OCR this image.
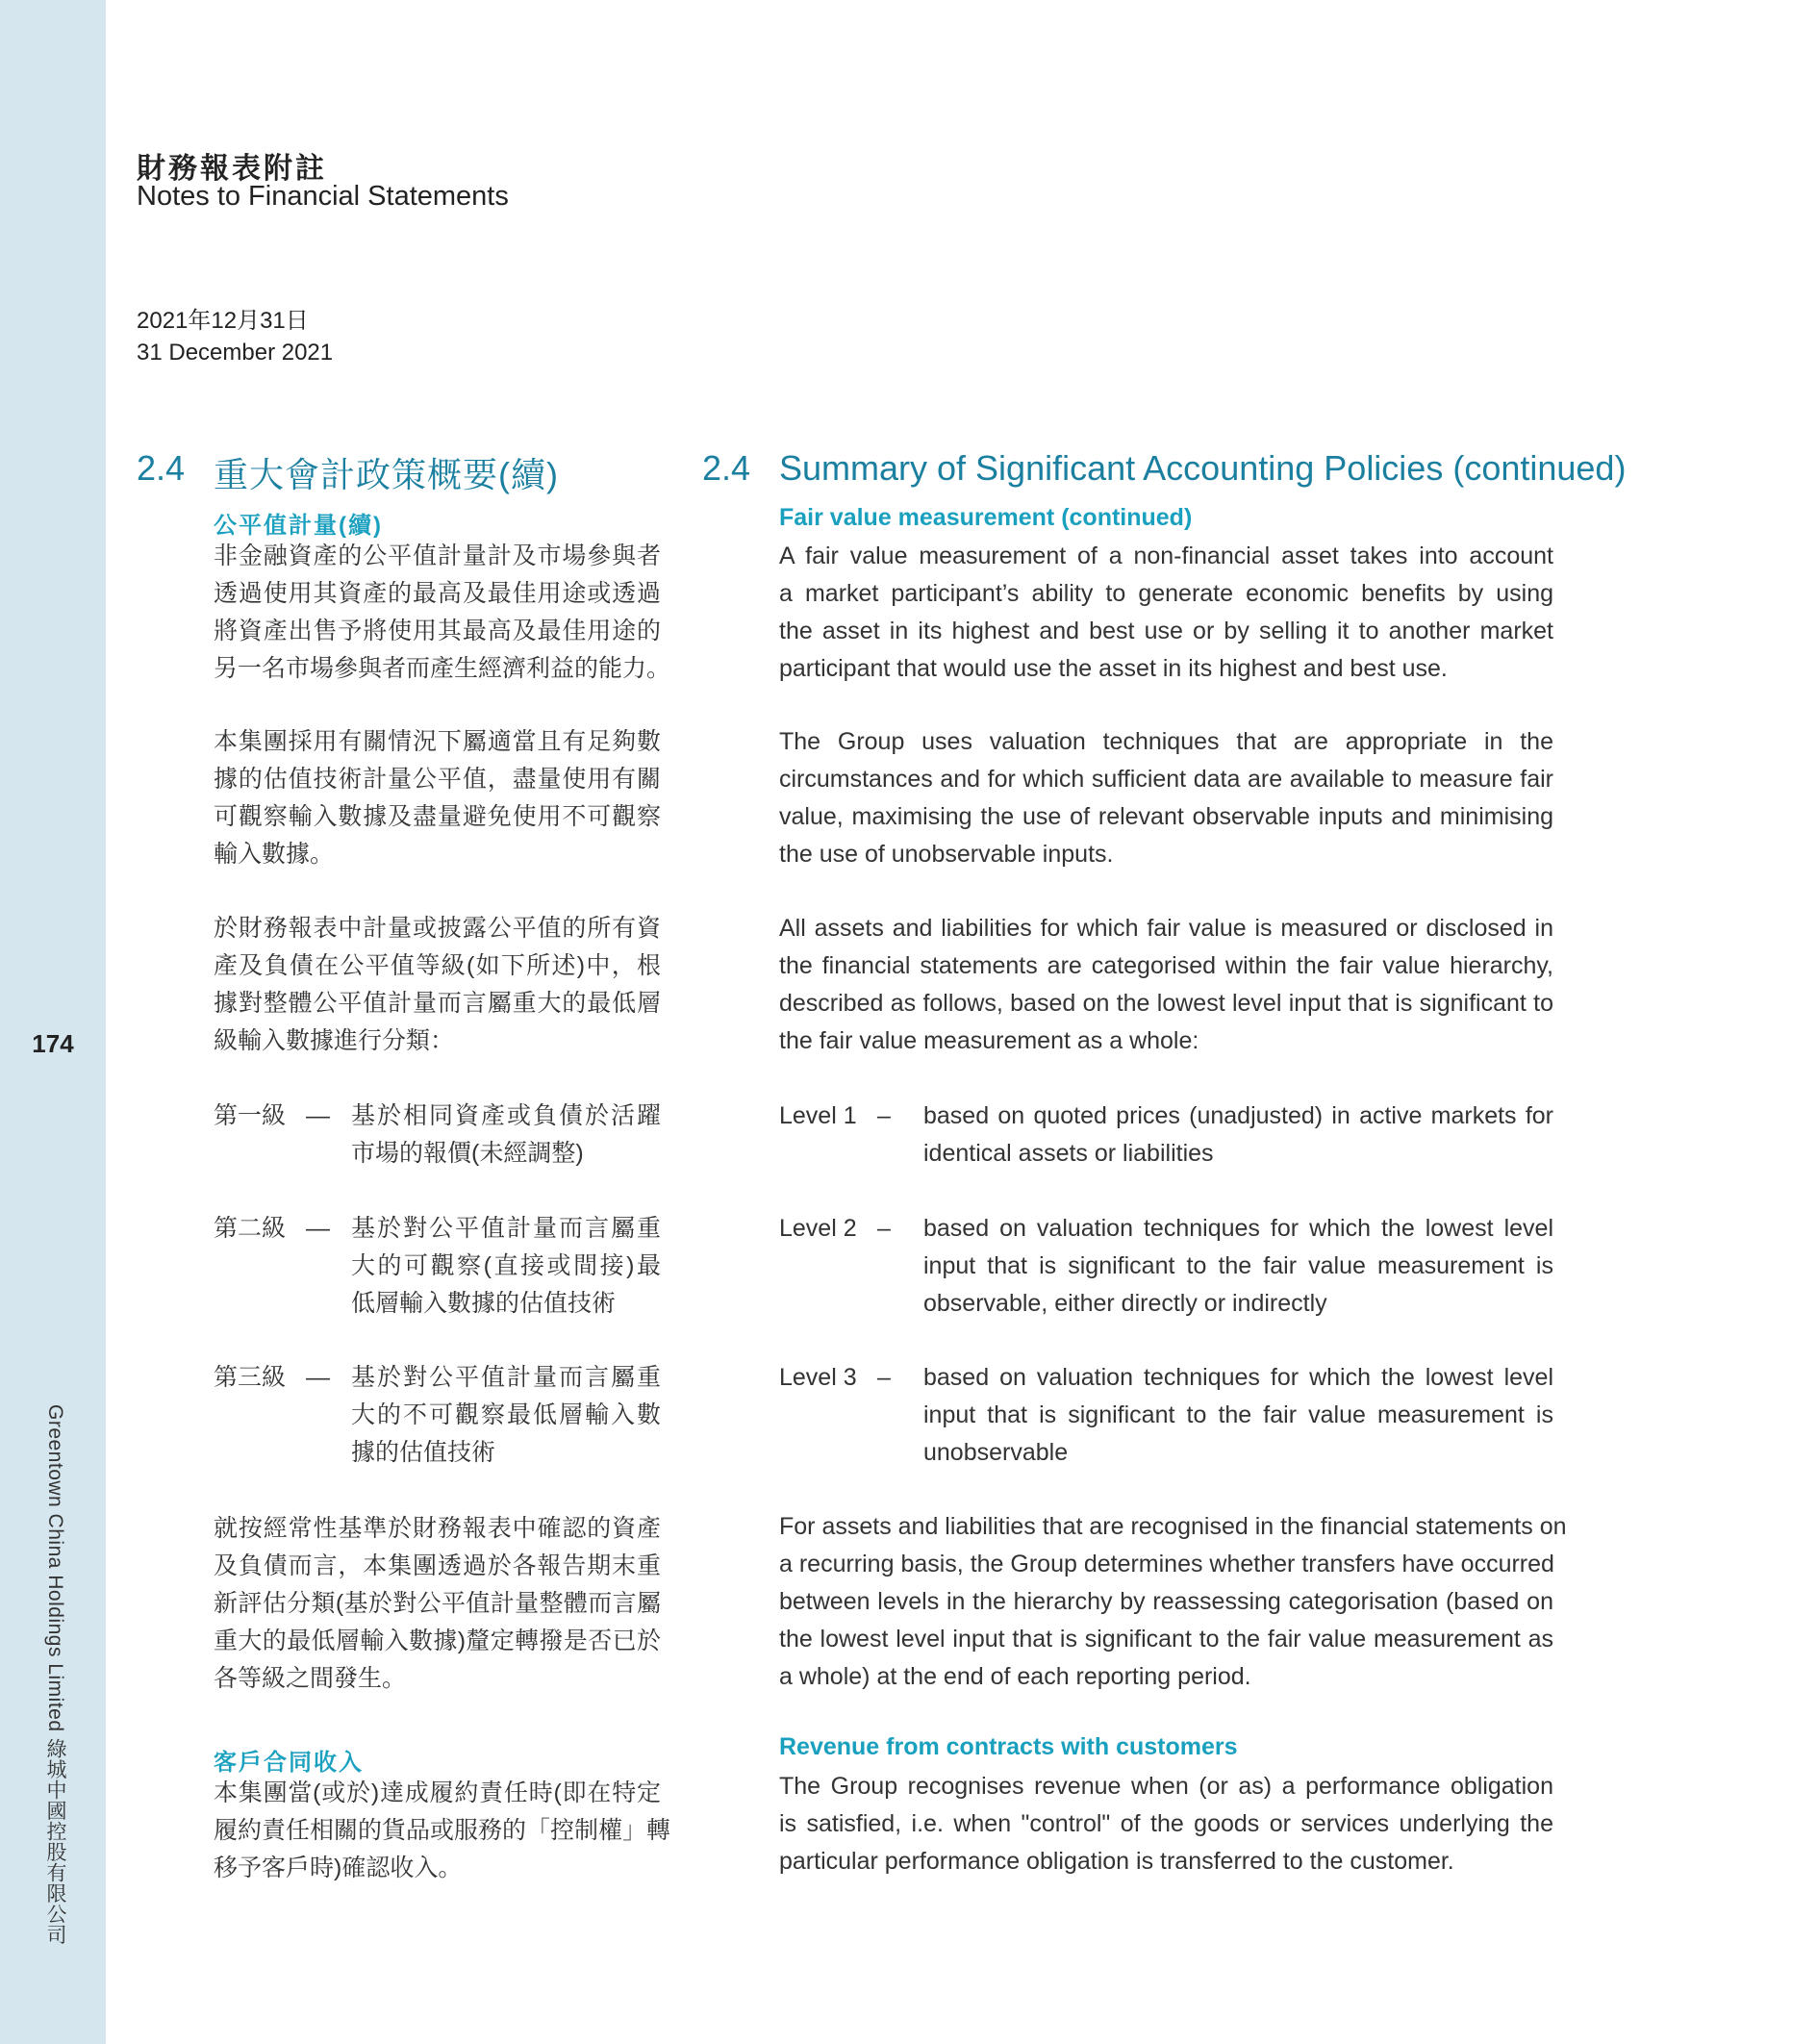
174
Greentown China Holdings Limited 綠城中國控股有限公司
財務報表附註
Notes to Financial Statements
2021年12月31日
31 December 2021
2.4 重大會計政策概要(續)	2.4 Summary of Significant Accounting Policies (continued)
公平值計量(續)
非金融資產的公平值計量計及市場參與者
透過使用其資產的最高及最佳用途或透過
將資產出售予將使用其最高及最佳用途的
另一名市場參與者而產生經濟利益的能力。
本集團採用有關情況下屬適當且有足夠數
據的估值技術計量公平值，盡量使用有關
可觀察輸入數據及盡量避免使用不可觀察
輸入數據。
於財務報表中計量或披露公平值的所有資
產及負債在公平值等級(如下所述)中，根
據對整體公平值計量而言屬重大的最低層
級輸入數據進行分類：
第一級 — 基於相同資產或負債於活躍
市場的報價(未經調整)
第二級 — 基於對公平值計量而言屬重
大的可觀察(直接或間接)最
低層輸入數據的估值技術
第三級 — 基於對公平值計量而言屬重
大的不可觀察最低層輸入數
據的估值技術
就按經常性基準於財務報表中確認的資產
及負債而言，本集團透過於各報告期末重
新評估分類(基於對公平值計量整體而言屬
重大的最低層輸入數據)釐定轉撥是否已於
各等級之間發生。
客戶合同收入
本集團當(或於)達成履約責任時(即在特定
履約責任相關的貨品或服務的「控制權」轉
移予客戶時)確認收入。
Fair value measurement (continued)
A fair value measurement of a non-financial asset takes into account
a market participant’s ability to generate economic benefits by using
the asset in its highest and best use or by selling it to another market
participant that would use the asset in its highest and best use.
The Group uses valuation techniques that are appropriate in the
circumstances and for which sufficient data are available to measure fair
value, maximising the use of relevant observable inputs and minimising
the use of unobservable inputs.
All assets and liabilities for which fair value is measured or disclosed in
the financial statements are categorised within the fair value hierarchy,
described as follows, based on the lowest level input that is significant to
the fair value measurement as a whole:
Level 1 – based on quoted prices (unadjusted) in active markets for
identical assets or liabilities
Level 2 – based on valuation techniques for which the lowest level
input that is significant to the fair value measurement is
observable, either directly or indirectly
Level 3 – based on valuation techniques for which the lowest level
input that is significant to the fair value measurement is
unobservable
For assets and liabilities that are recognised in the financial statements on
a recurring basis, the Group determines whether transfers have occurred
between levels in the hierarchy by reassessing categorisation (based on
the lowest level input that is significant to the fair value measurement as
a whole) at the end of each reporting period.
Revenue from contracts with customers
The Group recognises revenue when (or as) a performance obligation
is satisfied, i.e. when "control" of the goods or services underlying the
particular performance obligation is transferred to the customer.
